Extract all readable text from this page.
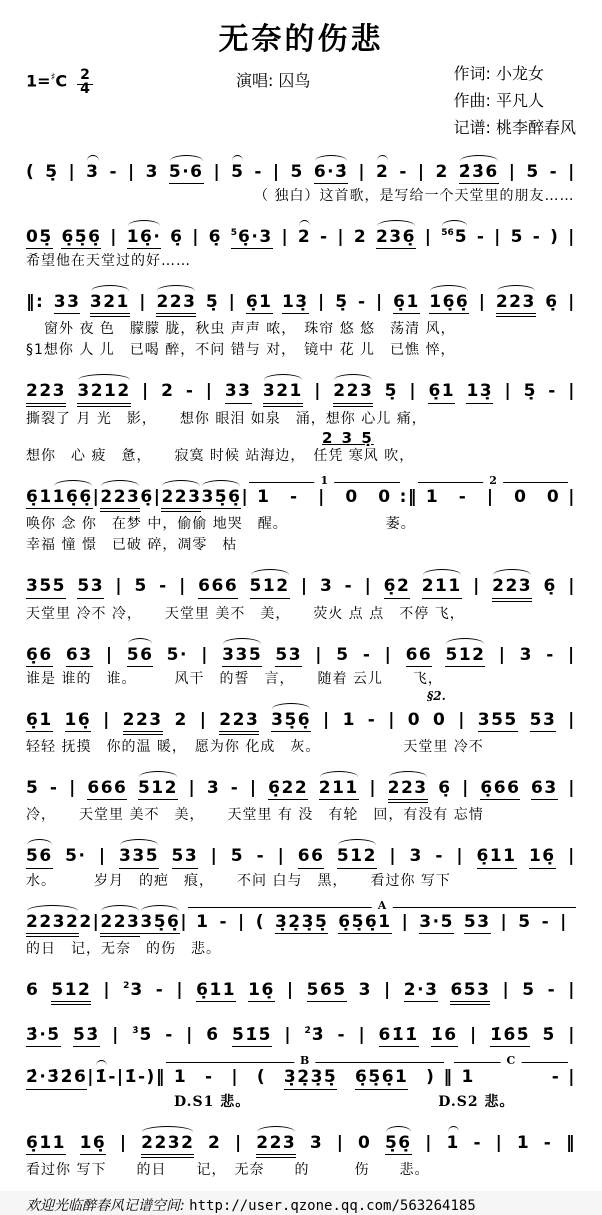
无奈的伤悲
1=♯C 2
4	演唱: 囚鸟	作词: 小龙女
作曲: 平凡人
记谱: 桃李醉春风
( 5̣ | 3 - | 3 5·6 | 5 - | 5 6·3̇ | 2 - | 2 2̇3̇6 | 5 - |
（ 独白）这首歌，是写给一个天堂里的朋友……
05̣ 6̣5̣6̣ | 16̣· 6̣ | 6̣ $^5$6̣·3 | 2 - | 2 236̣ | $^{56}$5 - | 5 - ) |
希望他在天堂过的好……
‖: 33 321 | 223 5̣ | 6̣1 13̣ | 5̣ - | 6̣1 16̣6̣ | 223 6̣ |
窗外 夜 色　朦朦 胧，秋虫 声声 哝，　珠帘 悠 悠　荡清 风，
§1想你 人 儿　已喝 醉，不问 错与 对，　镜中 花 儿　已憔 悴，
223 3212 | 2 - | 33 321 | 223 5̣ | 6̣1 13̣ | 5̣ - |
撕裂了 月 光　影，　　想你 眼泪 如泉　涌，想你 心儿 痛，
2 3 5̣
想你　心 疲　惫，　　寂寞 时候 站海边，　任凭 寒风 吹，
6̣1 16̣6̣ | 223 6̣ | 223 35̣6̣ | 1 1 - | 0 0 :‖ 2 1 - | 0 0 |
唤你 念 你　在梦 中，偷偷 地哭　醒。　　　　　　　萎。
幸福 憧 憬　已破 碎，凋零　枯
355 53 | 5 - | 666 512 | 3 - | 6̣2 211 | 223 6̣ |
天堂里 冷不 冷，　　天堂里 美不　美，　　荧火 点 点　不停 飞，
6̣6 63 | 56 5· | 335 53 | 5 - | 66 512 | 3 - |
谁是 谁的　谁。　　　风干　的誓　言，　　随着 云儿　　飞，
6̣1 16̣ | 223 2 | 223 35̣6̣ | 1 - | 0 0
§2.
| 355 53 |
轻轻 抚摸　你的温 暖，　愿为你 化成　灰。　　　　　　天堂里 冷不
5 - | 666 512 | 3 - | 6̣22 211 | 223 6̣ | 6̣66 63 |
冷，　　天堂里 美不　美，　　天堂里 有 没　有轮　回，有没有 忘情
56 5· | 335 53 | 5 - | 66 512 | 3 - | 6̣11 16̣ |
水。　　　岁月　的疤　痕，　　不问 白与　黑，　　看过你 写下
2232 2 | 223 35̣6̣ | A 1 - | ( 3̣2̣3̣5̣ 6̣5̣6̣1 | 3·5 53 | 5 - |
的日　记，无奈　的伤　悲。
6 512 | $^2$3 - | 6̣11 16̣ | 565 3 | 2·3 653 | 5 - |
3̇·5̇ 5̇3̇ | $^{3̇}$5̇ - | 6̇ 5̇1̇5̇ | $^{2̇}$3̇ - | 61̇1̇ 1̇6 | 1̇6̇5̇ 5̇ |
2̇·3̇ 2̇6 | 1̇ - | 1̇ - ) ‖ B 1 - | ( 3̣2̣3̣5̣ 6̣5̣6̣1 ) ‖ C 1	- |
D.S1 悲。　　　　　　　　　　　　　D.S2 悲。
6̣11 16̣ | 2232 2 | 223 3 | 0 5̣6̣ | 1 - | 1 - ‖
看过你 写下　　的日　　记，　无奈　　的　　　伤　　悲。
欢迎光临醉春风记谱空间: http://user.qzone.qq.com/563264185
